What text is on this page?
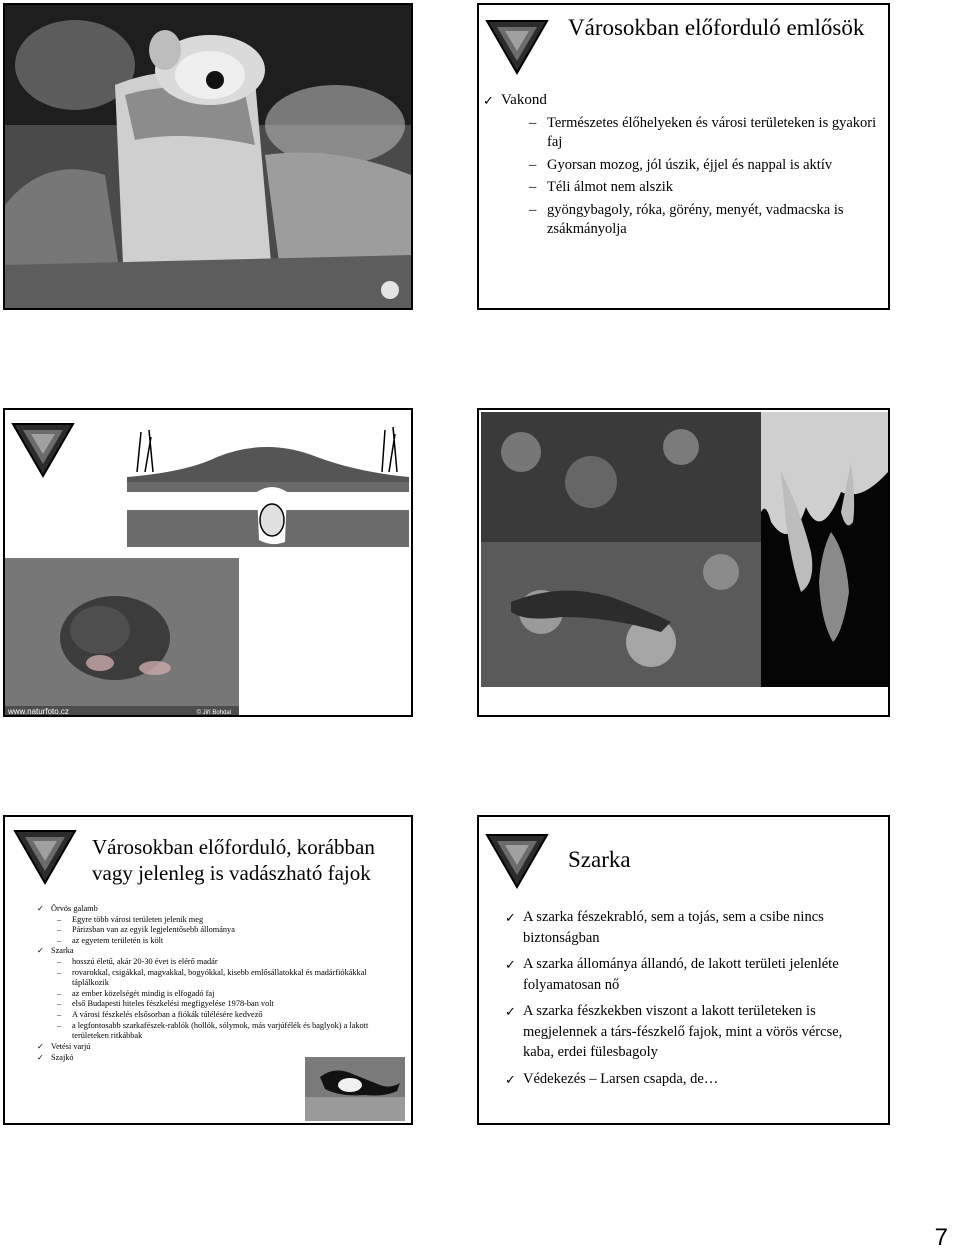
Városokban előforduló emlősök
✓ Vakond
– Természetes élőhelyeken és városi területeken is gyakori faj
– Gyorsan mozog, jól úszik, éjjel és nappal is aktív
– Téli álmot nem alszik
– gyöngybagoly, róka, görény, menyét, vadmacska is zsákmányolja
www.naturfoto.cz	© Jiří Bohdal
Városokban előforduló, korábban vagy jelenleg is vadászható fajok
✓ Örvös galamb
–	Egyre több városi területen jelenik meg
–	Párizsban van az egyik legjelentősebb állománya
–	az egyetem területén is költ
✓ Szarka
–	hosszú életű, akár 20-30 évet is elérő madár
–	rovarokkal, csigákkal, magvakkal, bogyókkal, kisebb emlősállatokkal és madárfiókákkal táplálkozik
–	az ember közelségét mindig is elfogadó faj
–	első Budapesti hiteles fészkelési megfigyelése 1978-ban volt
–	A városi fészkelés elsősorban a fiókák túlélésére kedvező
–	a legfontosabb szarkafészek-rablók (hollók, sólymok, más varjúfélék és baglyok) a lakott területeken ritkábbak
✓ Vetési varjú
✓ Szajkó
Szarka
✓ A szarka fészekrabló, sem a tojás, sem a csibe nincs biztonságban
✓ A szarka állománya állandó, de lakott területi jelenléte folyamatosan nő
✓ A szarka fészkekben viszont a lakott területeken is megjelennek a társ-fészkelő fajok, mint a vörös vércse, kaba, erdei fülesbagoly
✓ Védekezés – Larsen csapda, de…
7
